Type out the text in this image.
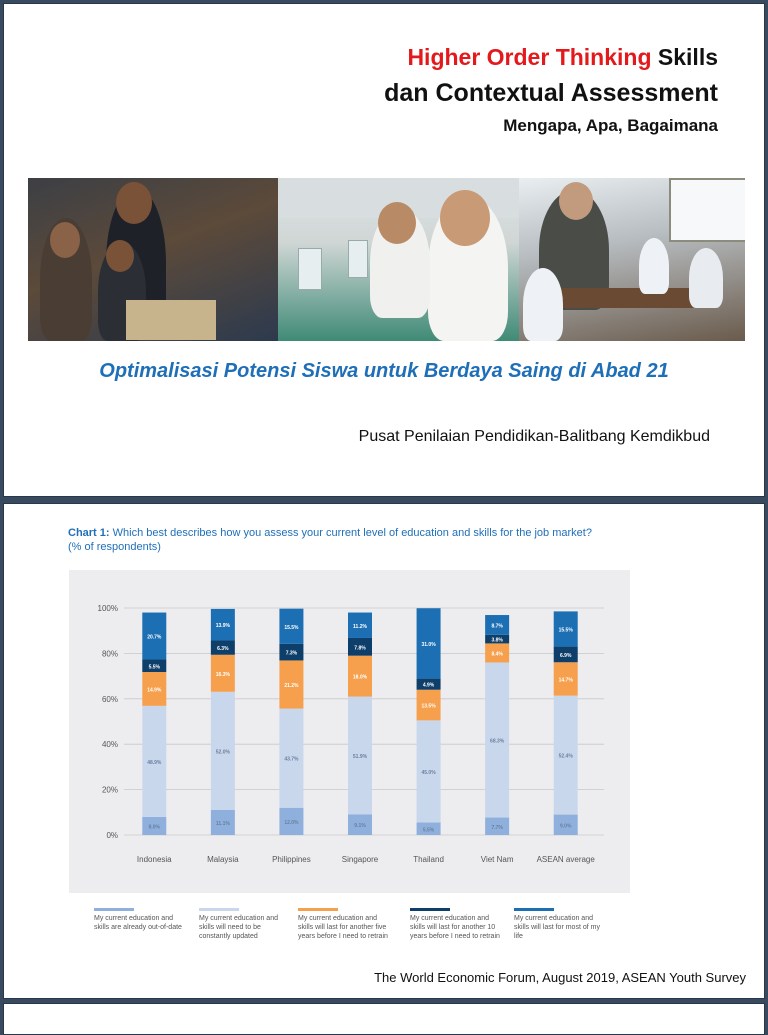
Higher Order Thinking Skills
dan Contextual Assessment
Mengapa, Apa, Bagaimana
Optimalisasi Potensi Siswa untuk Berdaya Saing di Abad 21
Pusat Penilaian Pendidikan-Balitbang Kemdikbud
Chart 1: Which best describes how you assess your current level of education and skills for the job market?
(% of respondents)
0%
20%
40%
60%
80%
100%
8.0%
48.9%
14.9%
5.5%
20.7%
Indonesia
11.1%
52.0%
16.3%
6.3%
13.9%
Malaysia
12.0%
43.7%
21.2%
7.3%
15.5%
Philippines
9.1%
51.9%
18.0%
7.8%
11.2%
Singapore
5.5%
45.0%
13.5%
4.9%
31.0%
Thailand
7.7%
68.3%
8.4%
3.8%
8.7%
Viet Nam
9.0%
52.4%
14.7%
6.9%
15.5%
ASEAN average
My current education and skills are already out-of-date
My current education and skills will need to be constantly updated
My current education and skills will last for another five years before I need to retrain
My current education and skills will last for another 10 years before I need to retrain
My current education and skills will last for most of my life
The World Economic Forum, August 2019, ASEAN Youth Survey
